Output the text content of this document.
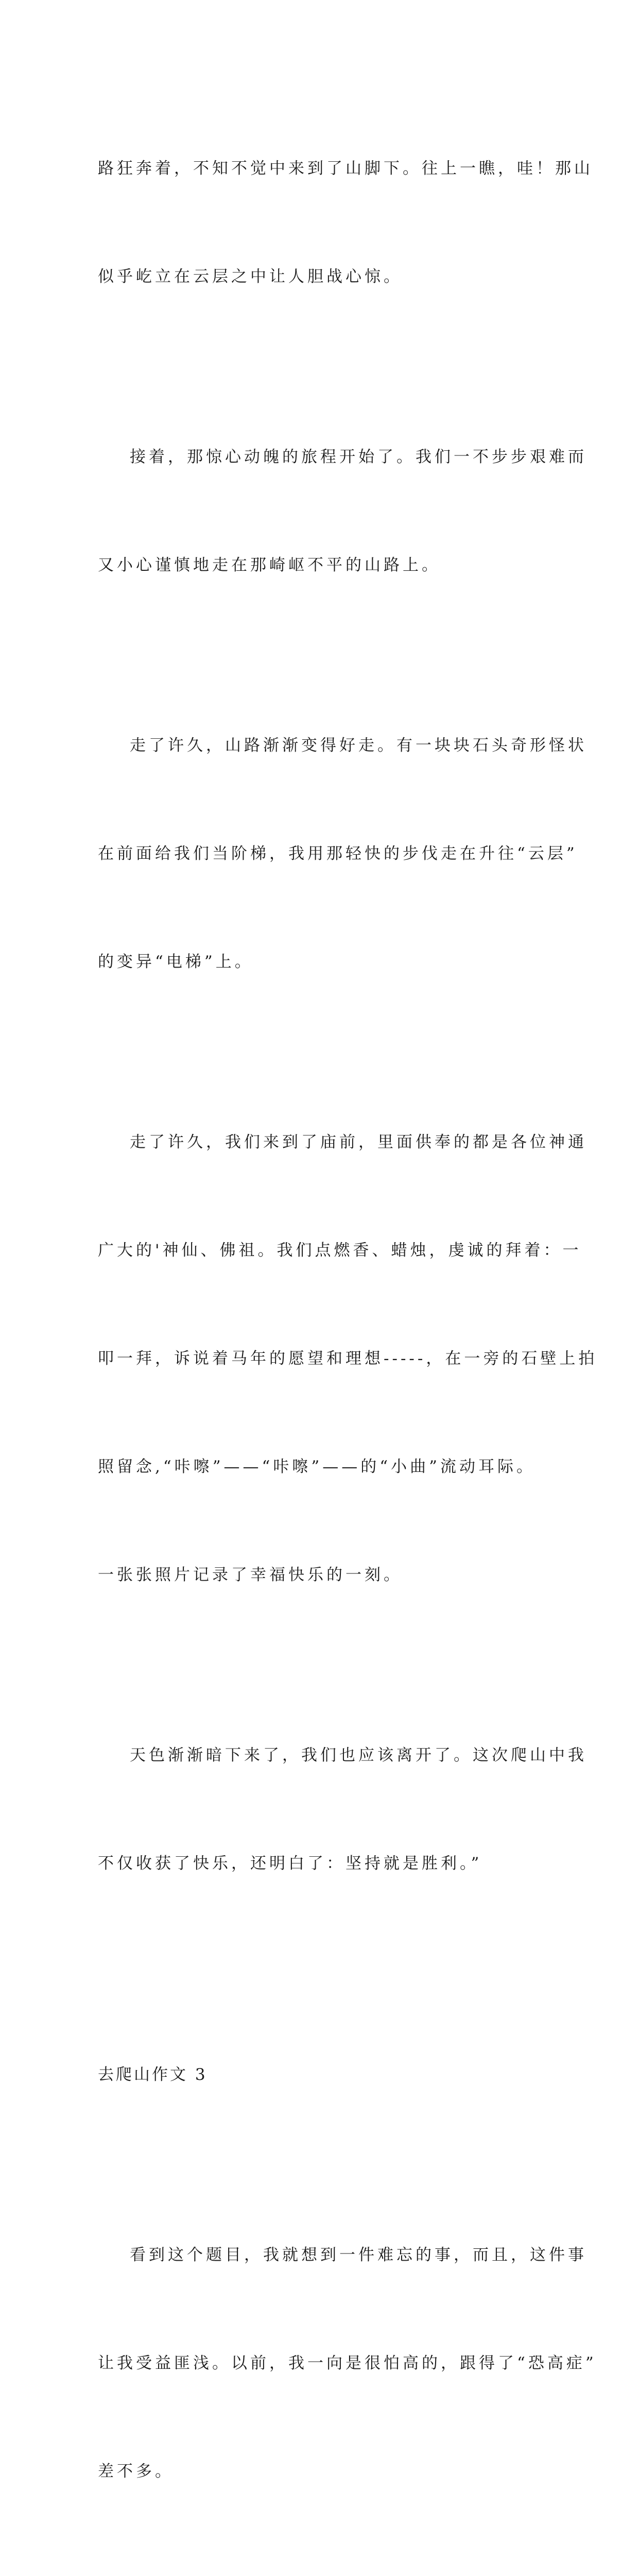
路狂奔着，不知不觉中来到了山脚下。往上一瞧，哇！那山

似乎屹立在云层之中让人胆战心惊。

接着，那惊心动魄的旅程开始了。我们一不步步艰难而

又小心谨慎地走在那崎岖不平的山路上。

走了许久，山路渐渐变得好走。有一块块石头奇形怪状

在前面给我们当阶梯，我用那轻快的步伐走在升往“云层”

的变异“电梯”上。

走了许久，我们来到了庙前，里面供奉的都是各位神通

广大的'神仙、佛祖。我们点燃香、蜡烛，虔诚的拜着：一

叩一拜，诉说着马年的愿望和理想-----，在一旁的石壁上拍

照留念,“咔嚓”——“咔嚓”——的“小曲”流动耳际。

一张张照片记录了幸福快乐的一刻。

天色渐渐暗下来了，我们也应该离开了。这次爬山中我

不仅收获了快乐，还明白了：坚持就是胜利。”

去爬山作文 3

看到这个题目，我就想到一件难忘的事，而且，这件事

让我受益匪浅。以前，我一向是很怕高的，跟得了“恐高症”

差不多。
